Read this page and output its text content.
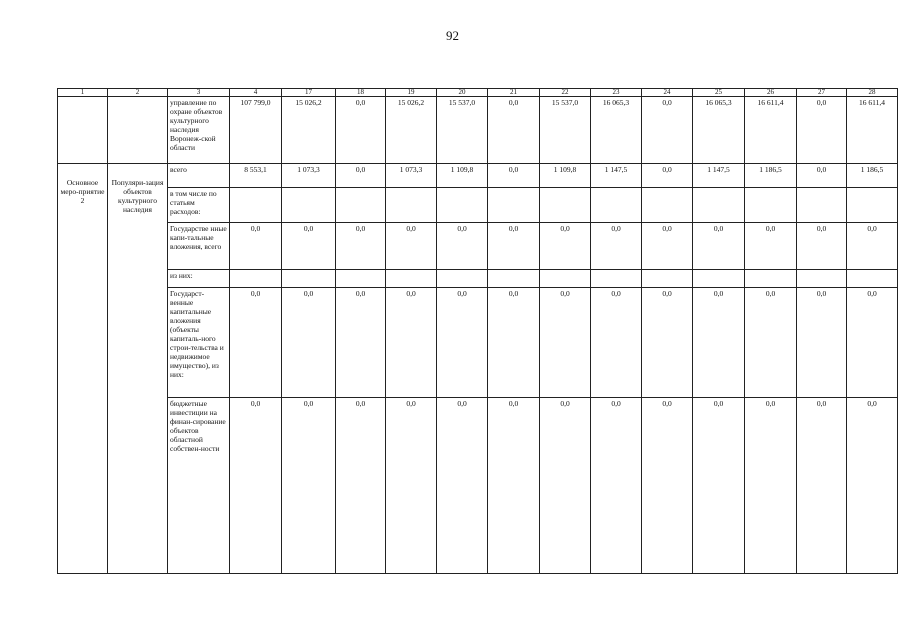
92
1	2	3	4	17	18	19	20	21	22	23	24	25	26	27	28
		управление по охране объектов культурного наследия Воронеж-ской области	107 799,0	15 026,2	0,0	15 026,2	15 537,0	0,0	15 537,0	16 065,3	0,0	16 065,3	16 611,4	0,0	16 611,4
Основное меро-приятие 2	Популяри-зация объектов культурного наследия	всего	8 553,1	1 073,3	0,0	1 073,3	1 109,8	0,0	1 109,8	1 147,5	0,0	1 147,5	1 186,5	0,0	1 186,5
		в том числе по статьям расходов:													
		Государстве нные капи-тальные вложения, всего	0,0	0,0	0,0	0,0	0,0	0,0	0,0	0,0	0,0	0,0	0,0	0,0	0,0
		из них:													
		Государст-венные капитальные вложения (объекты капиталь-ного строи-тельства и недвижимое имущество), из них:	0,0	0,0	0,0	0,0	0,0	0,0	0,0	0,0	0,0	0,0	0,0	0,0	0,0
		бюджетные инвестиции на финан-сирование объектов областной собствен-ности	0,0	0,0	0,0	0,0	0,0	0,0	0,0	0,0	0,0	0,0	0,0	0,0	0,0
